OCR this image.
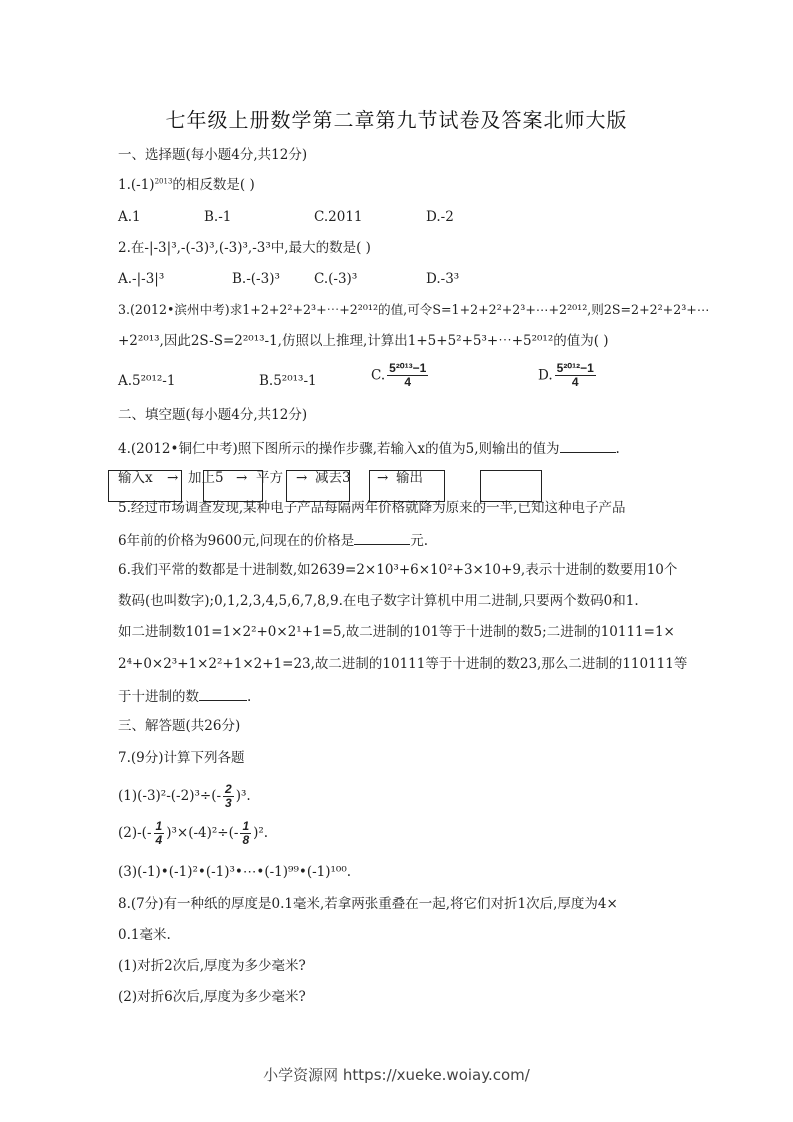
七年级上册数学第二章第九节试卷及答案北师大版
一、选择题(每小题4分,共12分)
$1.(-1)^{2013}$的相反数是( )
A.1	B.-1	C.2011	D.-2
2.在-|-3|³,-(-3)³,(-3)³,-3³中,最大的数是( )
A.-|-3|³	B.-(-3)³	C.(-3)³	D.-3³
3.(2012•滨州中考)求1+2+2²+2³+⋯+2²⁰¹²的值,可令S=1+2+2²+2³+⋯+2²⁰¹²,则2S=2+2²+2³+⋯
+2²⁰¹³,因此2S-S=2²⁰¹³-1,仿照以上推理,计算出1+5+5²+5³+⋯+5²⁰¹²的值为( )
A.5²⁰¹²-1	B.5²⁰¹³-1	C. $\frac{\text{5²⁰¹³−1}}{4}$	D. $\frac{\text{5²⁰¹²−1}}{4}$
二、填空题(每小题4分,共12分)
4.(2012•铜仁中考)照下图所示的操作步骤,若输入x的值为5,则输出的值为	.
输入x → 加上5 → 平方 → 减去3 → 输出
5.经过市场调查发现,某种电子产品每隔两年价格就降为原来的一半,已知这种电子产品
6年前的价格为9600元,问现在的价格是	元.
6.我们平常的数都是十进制数,如2639=2×10³+6×10²+3×10+9,表示十进制的数要用10个
数码(也叫数字);0,1,2,3,4,5,6,7,8,9.在电子数字计算机中用二进制,只要两个数码0和1.
如二进制数101=1×2²+0×2¹+1=5,故二进制的101等于十进制的数5;二进制的10111=1×
2⁴+0×2³+1×2²+1×2+1=23,故二进制的10111等于十进制的数23,那么二进制的110111等
于十进制的数	.
三、解答题(共26分)
7.(9分)计算下列各题
$(1)(-3)^2-(-2)^3\div(- \frac{2}{3} )^3$.
$(2)-(- \frac{1}{4} )^3\times(-4)^2\div(- \frac{1}{8} )^2$.
(3)(-1)•(-1)²•(-1)³•⋯•(-1)⁹⁹•(-1)¹⁰⁰.
8.(7分)有一种纸的厚度是0.1毫米,若拿两张重叠在一起,将它们对折1次后,厚度为4×
0.1毫米.
(1)对折2次后,厚度为多少毫米?
(2)对折6次后,厚度为多少毫米?
小学资源网 https://xueke.woiay.com/
